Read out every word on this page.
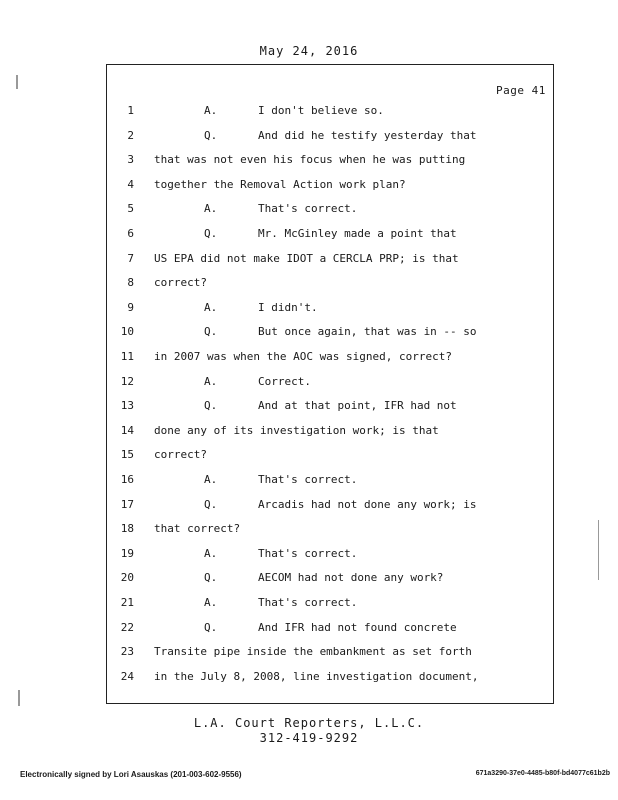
May 24, 2016
Page 41
1	A.	I don't believe so.
2	Q.	And did he testify yesterday that
3 that was not even his focus when he was putting
4 together the Removal Action work plan?
5	A.	That's correct.
6	Q.	Mr. McGinley made a point that
7 US EPA did not make IDOT a CERCLA PRP; is that
8 correct?
9	A.	I didn't.
10	Q.	But once again, that was in -- so
11 in 2007 was when the AOC was signed, correct?
12	A.	Correct.
13	Q.	And at that point, IFR had not
14 done any of its investigation work; is that
15 correct?
16	A.	That's correct.
17	Q.	Arcadis had not done any work; is
18 that correct?
19	A.	That's correct.
20	Q.	AECOM had not done any work?
21	A.	That's correct.
22	Q.	And IFR had not found concrete
23 Transite pipe inside the embankment as set forth
24 in the July 8, 2008, line investigation document,
L.A. Court Reporters, L.L.C.
312-419-9292
Electronically signed by Lori Asauskas (201-003-602-9556)	671a3290-37e0-4485-b80f-bd4077c61b2b
